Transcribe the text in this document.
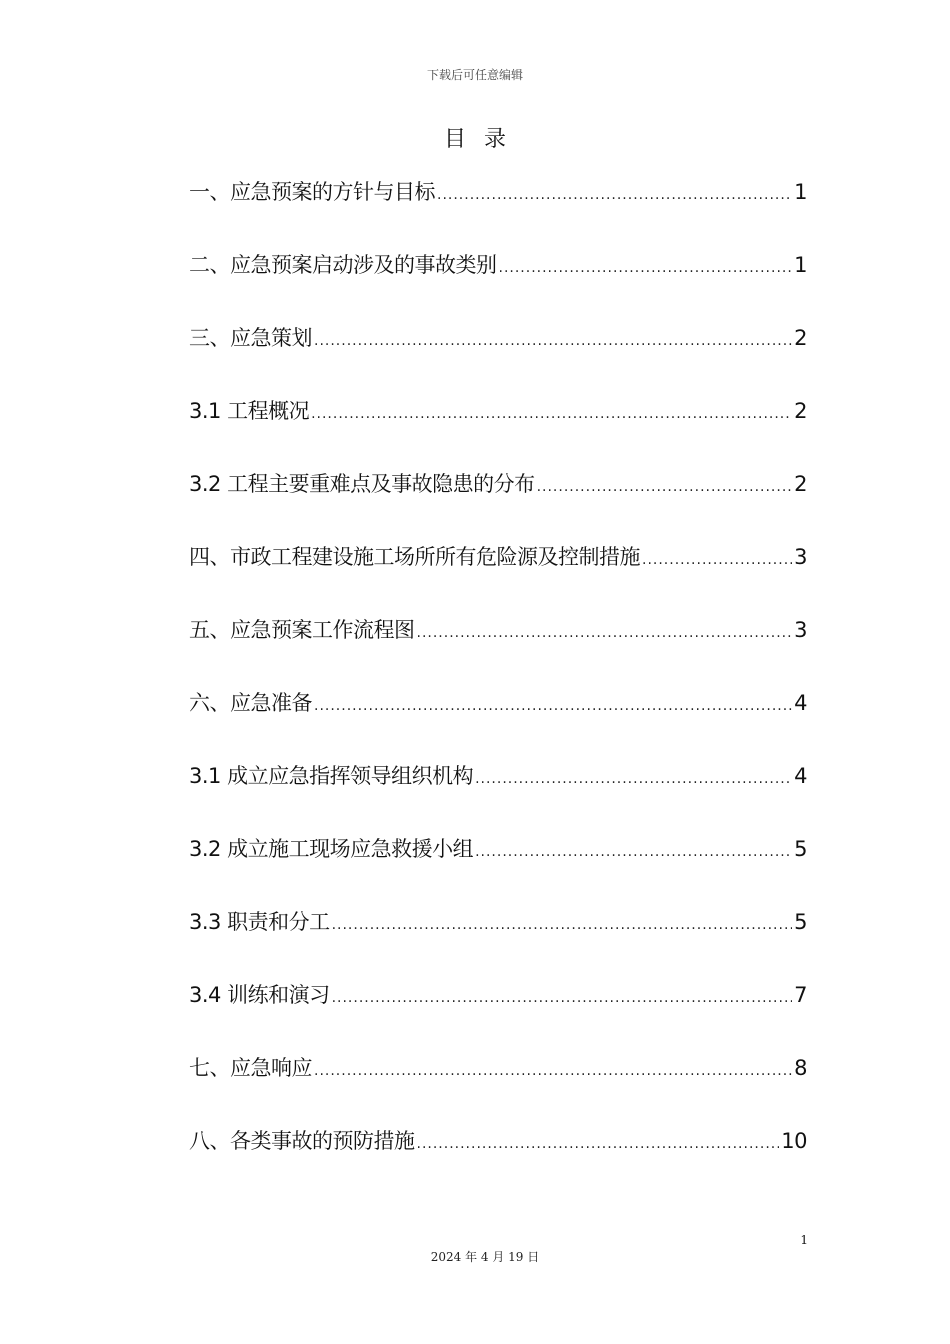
下载后可任意编辑
目录
一、应急预案的方针与目标 .....	1
二、应急预案启动涉及的事故类别 .....	1
三、应急策划 .....	2
3.1 工程概况 .....	2
3.2 工程主要重难点及事故隐患的分布 .....	2
四、市政工程建设施工场所所有危险源及控制措施 .....	3
五、应急预案工作流程图 .....	3
六、应急准备 .....	4
3.1 成立应急指挥领导组织机构 .....	4
3.2 成立施工现场应急救援小组 .....	5
3.3 职责和分工 .....	5
3.4 训练和演习 .....	7
七、应急响应 .....	8
八、各类事故的预防措施 .....	10
1
2024 年 4 月 19 日
